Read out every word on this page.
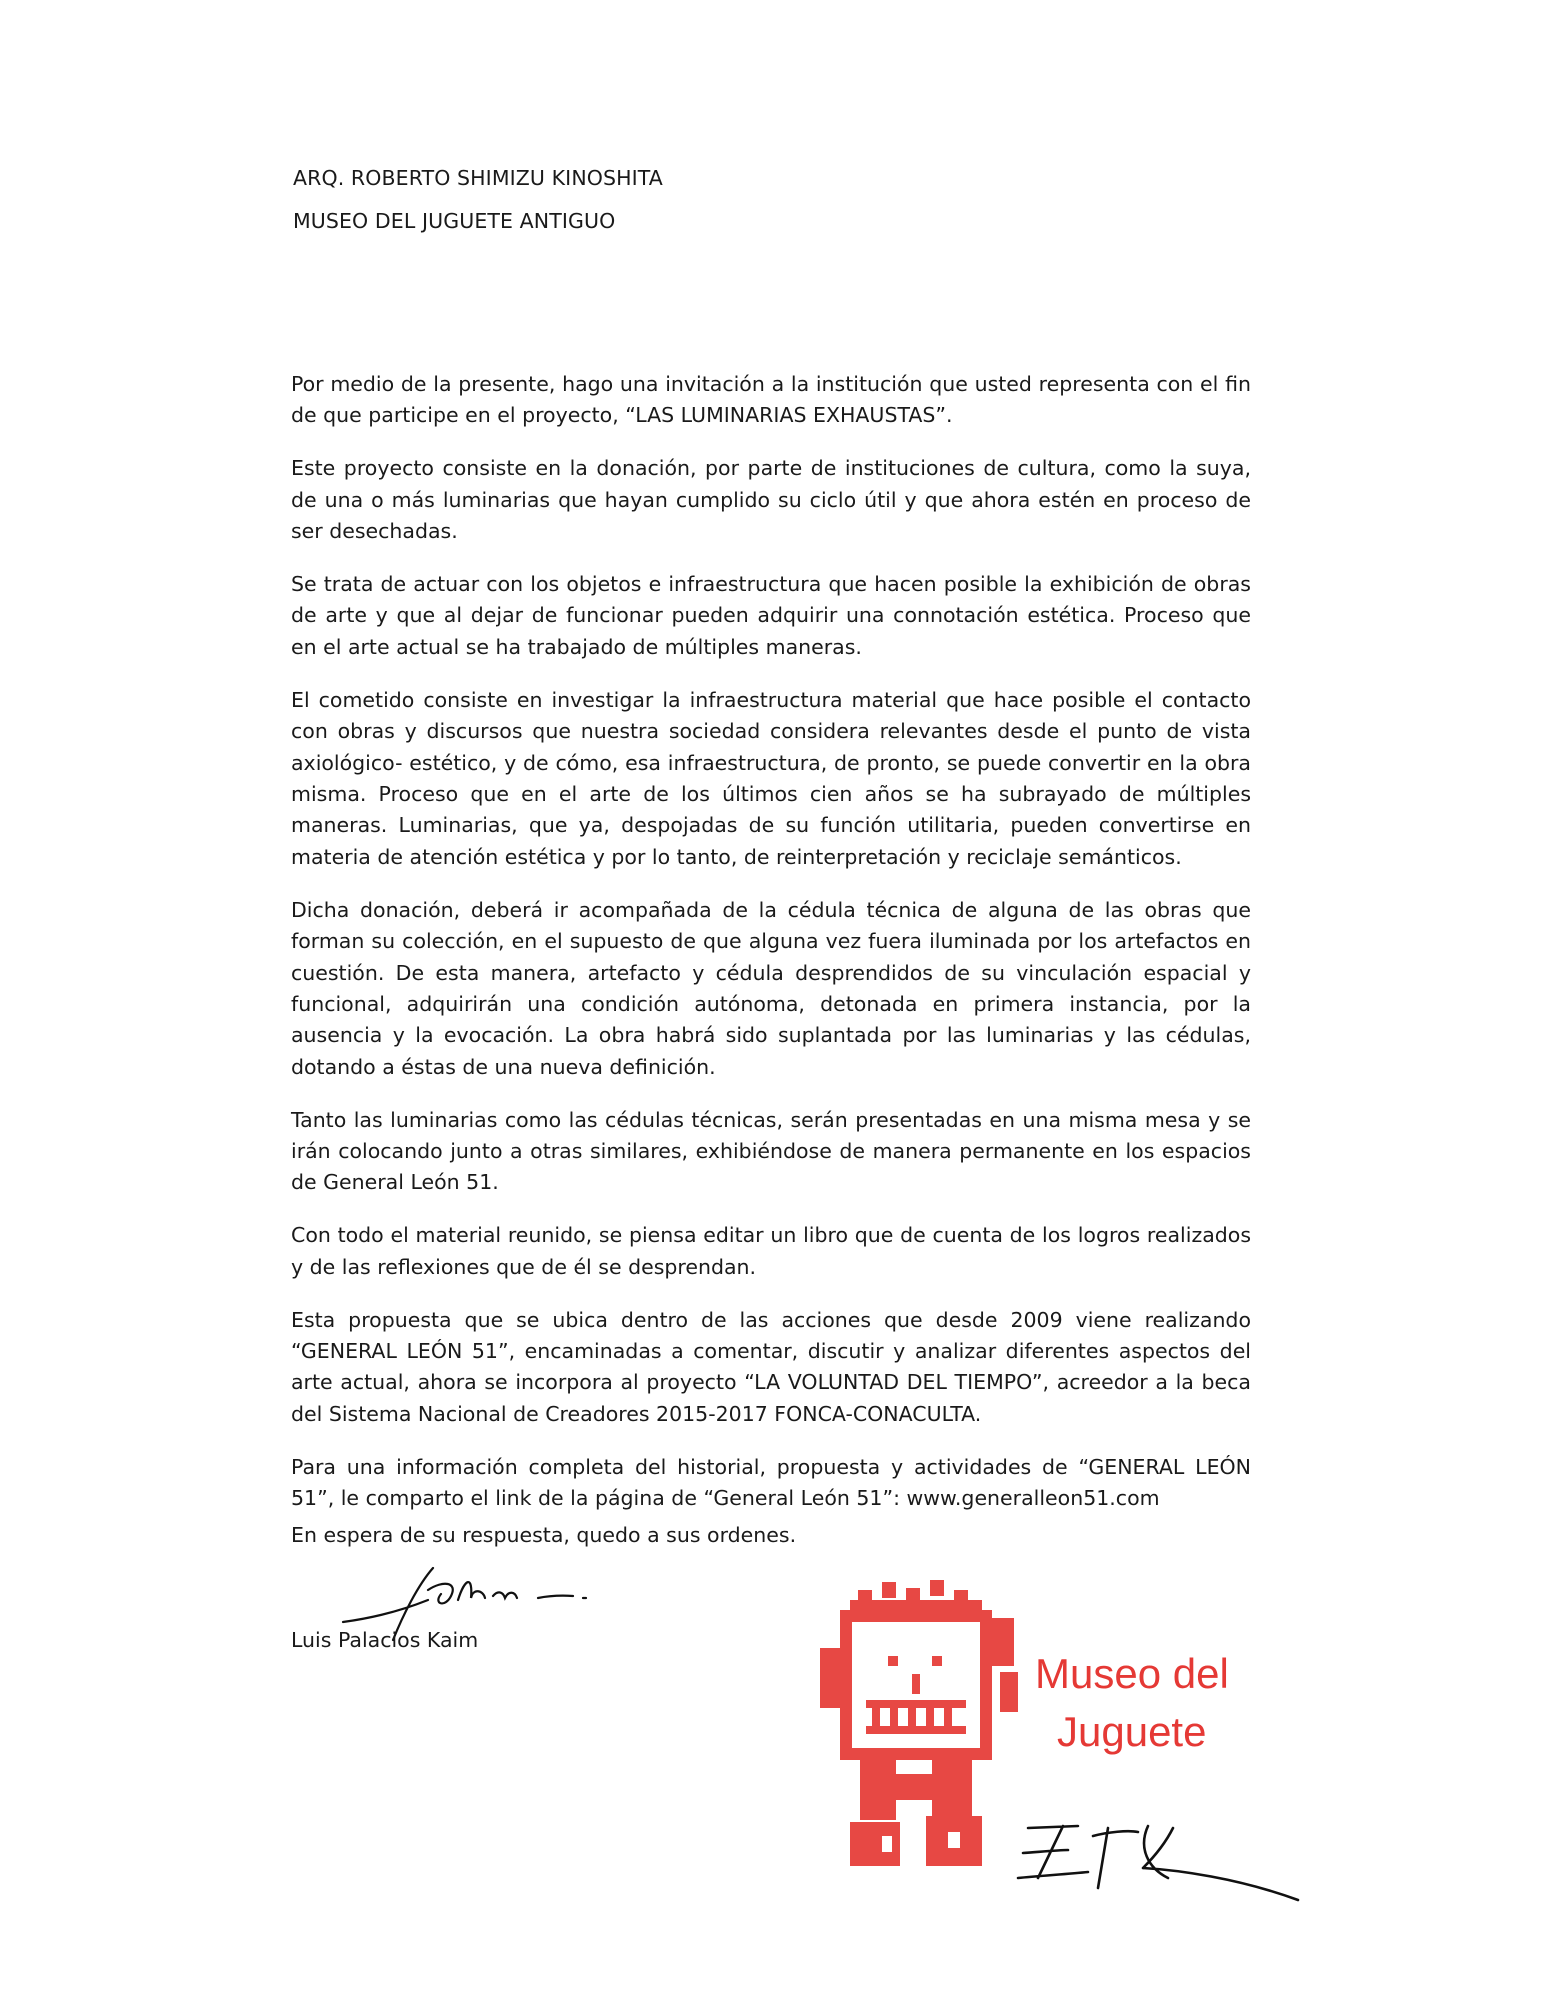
ARQ. ROBERTO SHIMIZU KINOSHITA
MUSEO DEL JUGUETE ANTIGUO

Por medio de la presente, hago una invitación a la institución que usted representa con el fin de que participe en el proyecto, “LAS LUMINARIAS EXHAUSTAS”.

Este proyecto consiste en la donación, por parte de instituciones de cultura, como la suya, de una o más luminarias que hayan cumplido su ciclo útil y que ahora estén en proceso de ser desechadas.

Se trata de actuar con los objetos e infraestructura que hacen posible la exhibición de obras de arte y que al dejar de funcionar pueden adquirir una connotación estética. Proceso que en el arte actual se ha trabajado de múltiples maneras.

El cometido consiste en investigar la infraestructura material que hace posible el contacto con obras y discursos que nuestra sociedad considera relevantes desde el punto de vista axiológico- estético, y de cómo, esa infraestructura, de pronto, se puede convertir en la obra misma. Proceso que en el arte de los últimos cien años se ha subrayado de múltiples maneras. Luminarias, que ya, despojadas de su función utilitaria, pueden convertirse en materia de atención estética y por lo tanto, de reinterpretación y reciclaje semánticos.

Dicha donación, deberá ir acompañada de la cédula técnica de alguna de las obras que forman su colección, en el supuesto de que alguna vez fuera iluminada por los artefactos en cuestión. De esta manera, artefacto y cédula desprendidos de su vinculación espacial y funcional, adquirirán una condición autónoma, detonada en primera instancia, por la ausencia y la evocación. La obra habrá sido suplantada por las luminarias y las cédulas, dotando a éstas de una nueva definición.

Tanto las luminarias como las cédulas técnicas, serán presentadas en una misma mesa y se irán colocando junto a otras similares, exhibiéndose de manera permanente en los espacios de General León 51.

Con todo el material reunido, se piensa editar un libro que de cuenta de los logros realizados y de las reflexiones que de él se desprendan.

Esta propuesta que se ubica dentro de las acciones que desde 2009 viene realizando “GENERAL LEÓN 51”, encaminadas a comentar, discutir y analizar diferentes aspectos del arte actual, ahora se incorpora al proyecto “LA VOLUNTAD DEL TIEMPO”, acreedor a la beca del Sistema Nacional de Creadores 2015-2017 FONCA-CONACULTA.

Para una información completa del historial, propuesta y actividades de “GENERAL LEÓN 51”, le comparto el link de la página de “General León 51”: www.generalleon51.com

En espera de su respuesta, quedo a sus ordenes.
Luis Palacios Kaim
Museo del
Juguete
